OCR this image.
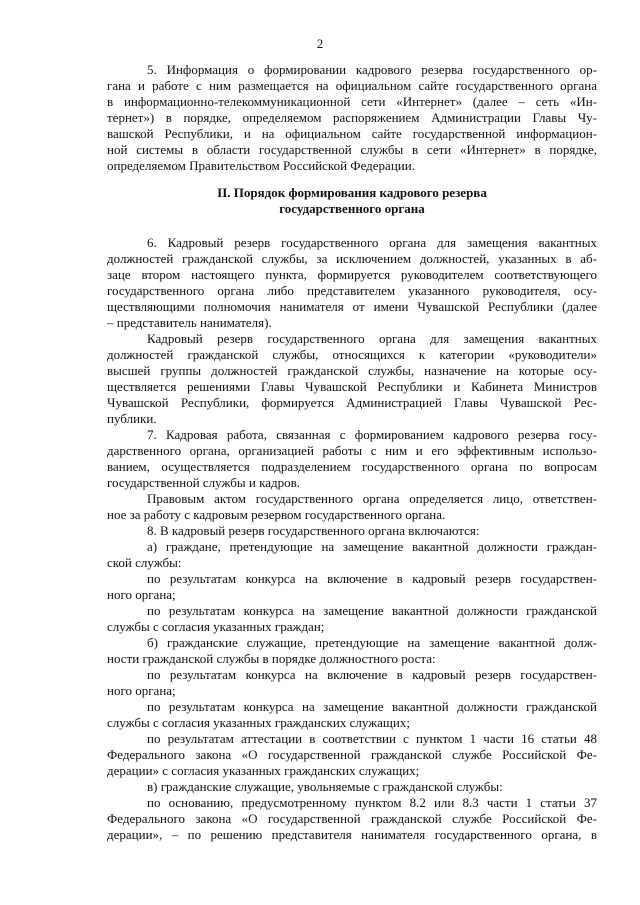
2
5. Информация о формировании кадрового резерва государственного ор-
гана и работе с ним размещается на официальном сайте государственного органа
в информационно-телекоммуникационной сети «Интернет» (далее – сеть «Ин-
тернет») в порядке, определяемом распоряжением Администрации Главы Чу-
вашской Республики, и на официальном сайте государственной информацион-
ной системы в области государственной службы в сети «Интернет» в порядке,
определяемом Правительством Российской Федерации.
II. Порядок формирования кадрового резерва
государственного органа
6. Кадровый резерв государственного органа для замещения вакантных
должностей гражданской службы, за исключением должностей, указанных в аб-
заце втором настоящего пункта, формируется руководителем соответствующего
государственного органа либо представителем указанного руководителя, осу-
ществляющими полномочия нанимателя от имени Чувашской Республики (далее
– представитель нанимателя).
Кадровый резерв государственного органа для замещения вакантных
должностей гражданской службы, относящихся к категории «руководители»
высшей группы должностей гражданской службы, назначение на которые осу-
ществляется решениями Главы Чувашской Республики и Кабинета Министров
Чувашской Республики, формируется Администрацией Главы Чувашской Рес-
публики.
7. Кадровая работа, связанная с формированием кадрового резерва госу-
дарственного органа, организацией работы с ним и его эффективным использо-
ванием, осуществляется подразделением государственного органа по вопросам
государственной службы и кадров.
Правовым актом государственного органа определяется лицо, ответствен-
ное за работу с кадровым резервом государственного органа.
8. В кадровый резерв государственного органа включаются:
а) граждане, претендующие на замещение вакантной должности граждан-
ской службы:
по результатам конкурса на включение в кадровый резерв государствен-
ного органа;
по результатам конкурса на замещение вакантной должности гражданской
службы с согласия указанных граждан;
б) гражданские служащие, претендующие на замещение вакантной долж-
ности гражданской службы в порядке должностного роста:
по результатам конкурса на включение в кадровый резерв государствен-
ного органа;
по результатам конкурса на замещение вакантной должности гражданской
службы с согласия указанных гражданских служащих;
по результатам аттестации в соответствии с пунктом 1 части 16 статьи 48
Федерального закона «О государственной гражданской службе Российской Фе-
дерации» с согласия указанных гражданских служащих;
в) гражданские служащие, увольняемые с гражданской службы:
по основанию, предусмотренному пунктом 8.2 или 8.3 части 1 статьи 37
Федерального закона «О государственной гражданской службе Российской Фе-
дерации», – по решению представителя нанимателя государственного органа, в
